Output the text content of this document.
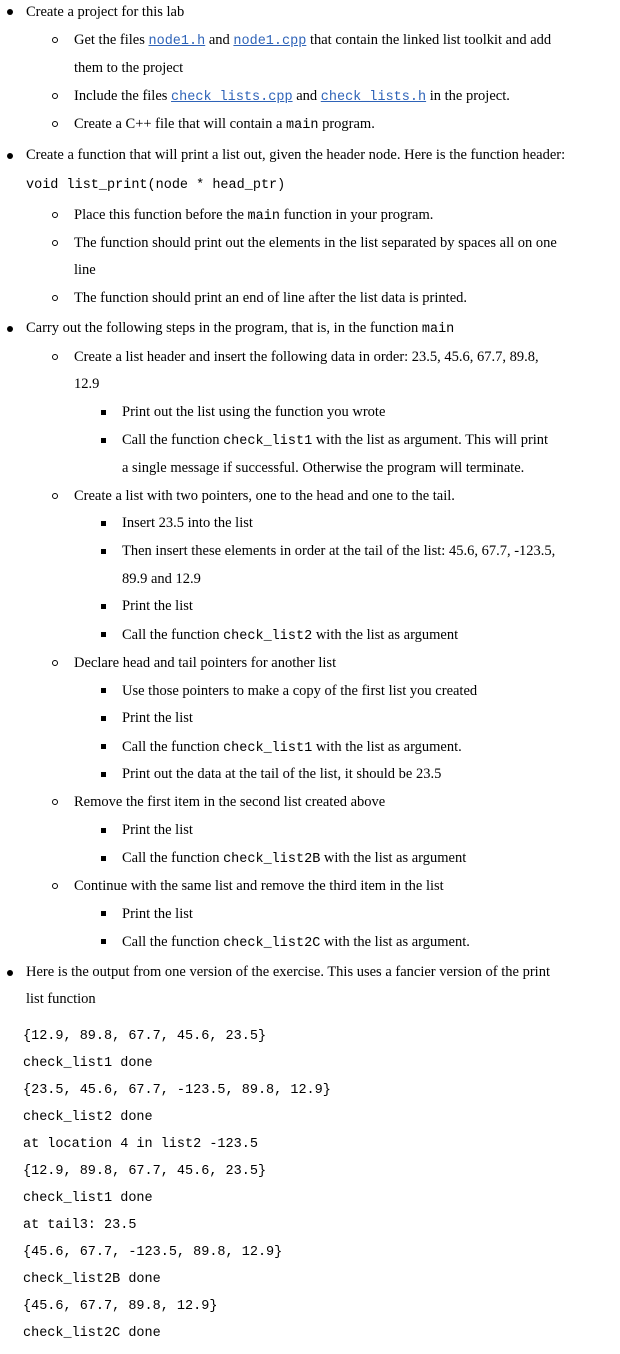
Create a project for this lab
Get the files node1.h and node1.cpp that contain the linked list toolkit and add
them to the project
Include the files check_lists.cpp and check_lists.h in the project.
Create a C++ file that will contain a main program.
Create a function that will print a list out, given the header node. Here is the function header:
void list_print(node * head_ptr)
Place this function before the main function in your program.
The function should print out the elements in the list separated by spaces all on one
line
The function should print an end of line after the list data is printed.
Carry out the following steps in the program, that is, in the function main
Create a list header and insert the following data in order: 23.5, 45.6, 67.7, 89.8,
12.9
Print out the list using the function you wrote
Call the function check_list1 with the list as argument. This will print
a single message if successful. Otherwise the program will terminate.
Create a list with two pointers, one to the head and one to the tail.
Insert 23.5 into the list
Then insert these elements in order at the tail of the list: 45.6, 67.7, -123.5,
89.9 and 12.9
Print the list
Call the function check_list2 with the list as argument
Declare head and tail pointers for another list
Use those pointers to make a copy of the first list you created
Print the list
Call the function check_list1 with the list as argument.
Print out the data at the tail of the list, it should be 23.5
Remove the first item in the second list created above
Print the list
Call the function check_list2B with the list as argument
Continue with the same list and remove the third item in the list
Print the list
Call the function check_list2C with the list as argument.
Here is the output from one version of the exercise. This uses a fancier version of the print
list function
{12.9, 89.8, 67.7, 45.6, 23.5}
check_list1 done
{23.5, 45.6, 67.7, -123.5, 89.8, 12.9}
check_list2 done
at location 4 in list2 -123.5
{12.9, 89.8, 67.7, 45.6, 23.5}
check_list1 done
at tail3: 23.5
{45.6, 67.7, -123.5, 89.8, 12.9}
check_list2B done
{45.6, 67.7, 89.8, 12.9}
check_list2C done
